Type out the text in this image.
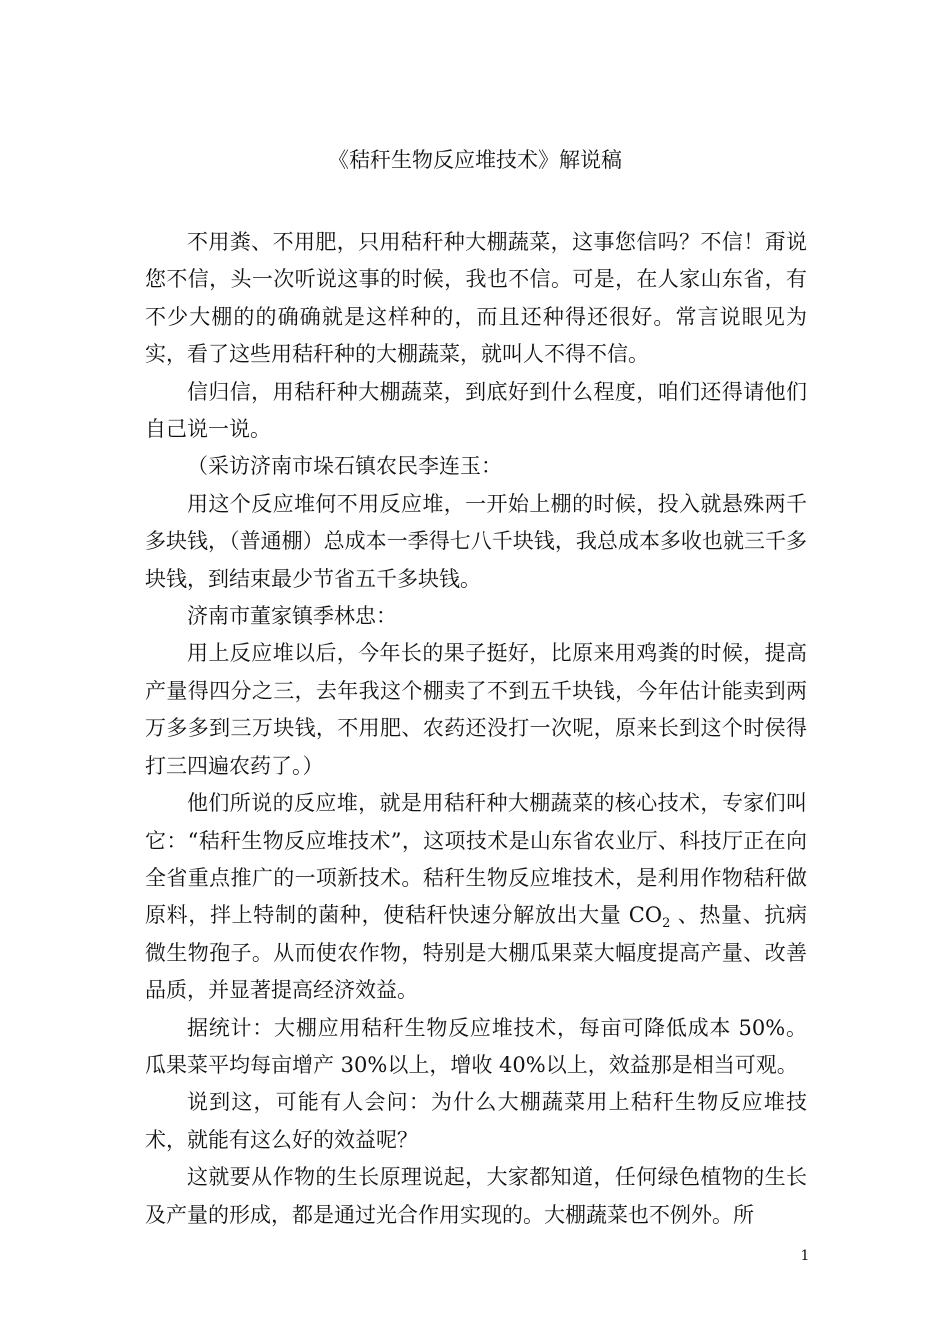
《秸秆生物反应堆技术》解说稿

不用粪、不用肥，只用秸秆种大棚蔬菜，这事您信吗？不信！甭说您不信，头一次听说这事的时候，我也不信。可是，在人家山东省，有不少大棚的的确确就是这样种的，而且还种得还很好。常言说眼见为实，看了这些用秸秆种的大棚蔬菜，就叫人不得不信。

信归信，用秸秆种大棚蔬菜，到底好到什么程度，咱们还得请他们自己说一说。

（采访济南市垛石镇农民李连玉：

用这个反应堆何不用反应堆，一开始上棚的时候，投入就悬殊两千多块钱，（普通棚）总成本一季得七八千块钱，我总成本多收也就三千多块钱，到结束最少节省五千多块钱。

济南市董家镇季林忠：

用上反应堆以后，今年长的果子挺好，比原来用鸡粪的时候，提高产量得四分之三，去年我这个棚卖了不到五千块钱，今年估计能卖到两万多多到三万块钱，不用肥、农药还没打一次呢，原来长到这个时侯得打三四遍农药了。）

他们所说的反应堆，就是用秸秆种大棚蔬菜的核心技术，专家们叫它：“秸秆生物反应堆技术”，这项技术是山东省农业厅、科技厅正在向全省重点推广的一项新技术。秸秆生物反应堆技术，是利用作物秸秆做原料，拌上特制的菌种，使秸秆快速分解放出大量 $CO_2$ 、热量、抗病微生物孢子。从而使农作物，特别是大棚瓜果菜大幅度提高产量、改善品质，并显著提高经济效益。

据统计：大棚应用秸秆生物反应堆技术，每亩可降低成本 50%。瓜果菜平均每亩增产 30%以上，增收 40%以上，效益那是相当可观。

说到这，可能有人会问：为什么大棚蔬菜用上秸秆生物反应堆技术，就能有这么好的效益呢？

这就要从作物的生长原理说起，大家都知道，任何绿色植物的生长及产量的形成，都是通过光合作用实现的。大棚蔬菜也不例外。所

1
